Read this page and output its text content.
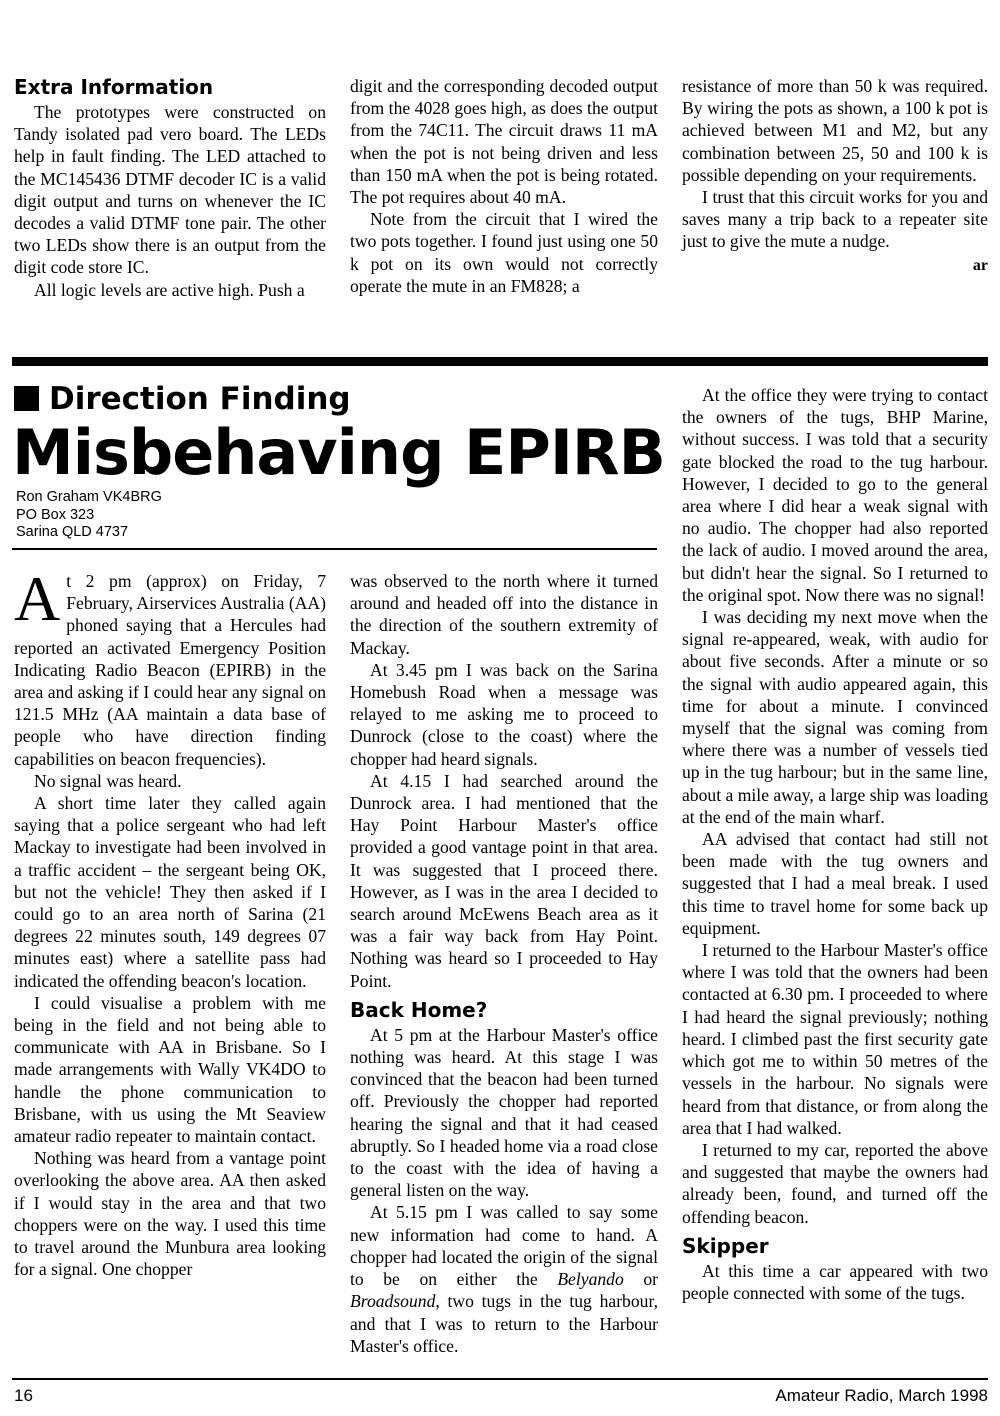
Extra Information

The prototypes were constructed on Tandy isolated pad vero board. The LEDs help in fault finding. The LED attached to the MC145436 DTMF decoder IC is a valid digit output and turns on whenever the IC decodes a valid DTMF tone pair. The other two LEDs show there is an output from the digit code store IC.

All logic levels are active high. Push a

digit and the corresponding decoded output from the 4028 goes high, as does the output from the 74C11. The circuit draws 11 mA when the pot is not being driven and less than 150 mA when the pot is being rotated. The pot requires about 40 mA.

Note from the circuit that I wired the two pots together. I found just using one 50 k pot on its own would not correctly operate the mute in an FM828; a

resistance of more than 50 k was required. By wiring the pots as shown, a 100 k pot is achieved between M1 and M2, but any combination between 25, 50 and 100 k is possible depending on your requirements.

I trust that this circuit works for you and saves many a trip back to a repeater site just to give the mute a nudge.

ar
Direction Finding
Misbehaving EPIRB
Ron Graham VK4BRG
PO Box 323
Sarina QLD 4737

At 2 pm (approx) on Friday, 7 February, Airservices Australia (AA) phoned saying that a Hercules had reported an activated Emergency Position Indicating Radio Beacon (EPIRB) in the area and asking if I could hear any signal on 121.5 MHz (AA maintain a data base of people who have direction finding capabilities on beacon frequencies).

No signal was heard.

A short time later they called again saying that a police sergeant who had left Mackay to investigate had been involved in a traffic accident – the sergeant being OK, but not the vehicle! They then asked if I could go to an area north of Sarina (21 degrees 22 minutes south, 149 degrees 07 minutes east) where a satellite pass had indicated the offending beacon's location.

I could visualise a problem with me being in the field and not being able to communicate with AA in Brisbane. So I made arrangements with Wally VK4DO to handle the phone communication to Brisbane, with us using the Mt Seaview amateur radio repeater to maintain contact.

Nothing was heard from a vantage point overlooking the above area. AA then asked if I would stay in the area and that two choppers were on the way. I used this time to travel around the Munbura area looking for a signal. One chopper

was observed to the north where it turned around and headed off into the distance in the direction of the southern extremity of Mackay.

At 3.45 pm I was back on the Sarina Homebush Road when a message was relayed to me asking me to proceed to Dunrock (close to the coast) where the chopper had heard signals.

At 4.15 I had searched around the Dunrock area. I had mentioned that the Hay Point Harbour Master's office provided a good vantage point in that area. It was suggested that I proceed there. However, as I was in the area I decided to search around McEwens Beach area as it was a fair way back from Hay Point. Nothing was heard so I proceeded to Hay Point.

Back Home?

At 5 pm at the Harbour Master's office nothing was heard. At this stage I was convinced that the beacon had been turned off. Previously the chopper had reported hearing the signal and that it had ceased abruptly. So I headed home via a road close to the coast with the idea of having a general listen on the way.

At 5.15 pm I was called to say some new information had come to hand. A chopper had located the origin of the signal to be on either the Belyando or Broadsound, two tugs in the tug harbour, and that I was to return to the Harbour Master's office.

At the office they were trying to contact the owners of the tugs, BHP Marine, without success. I was told that a security gate blocked the road to the tug harbour. However, I decided to go to the general area where I did hear a weak signal with no audio. The chopper had also reported the lack of audio. I moved around the area, but didn't hear the signal. So I returned to the original spot. Now there was no signal!

I was deciding my next move when the signal re-appeared, weak, with audio for about five seconds. After a minute or so the signal with audio appeared again, this time for about a minute. I convinced myself that the signal was coming from where there was a number of vessels tied up in the tug harbour; but in the same line, about a mile away, a large ship was loading at the end of the main wharf.

AA advised that contact had still not been made with the tug owners and suggested that I had a meal break. I used this time to travel home for some back up equipment.

I returned to the Harbour Master's office where I was told that the owners had been contacted at 6.30 pm. I proceeded to where I had heard the signal previously; nothing heard. I climbed past the first security gate which got me to within 50 metres of the vessels in the harbour. No signals were heard from that distance, or from along the area that I had walked.

I returned to my car, reported the above and suggested that maybe the owners had already been, found, and turned off the offending beacon.

Skipper

At this time a car appeared with two people connected with some of the tugs.

16	Amateur Radio, March 1998
